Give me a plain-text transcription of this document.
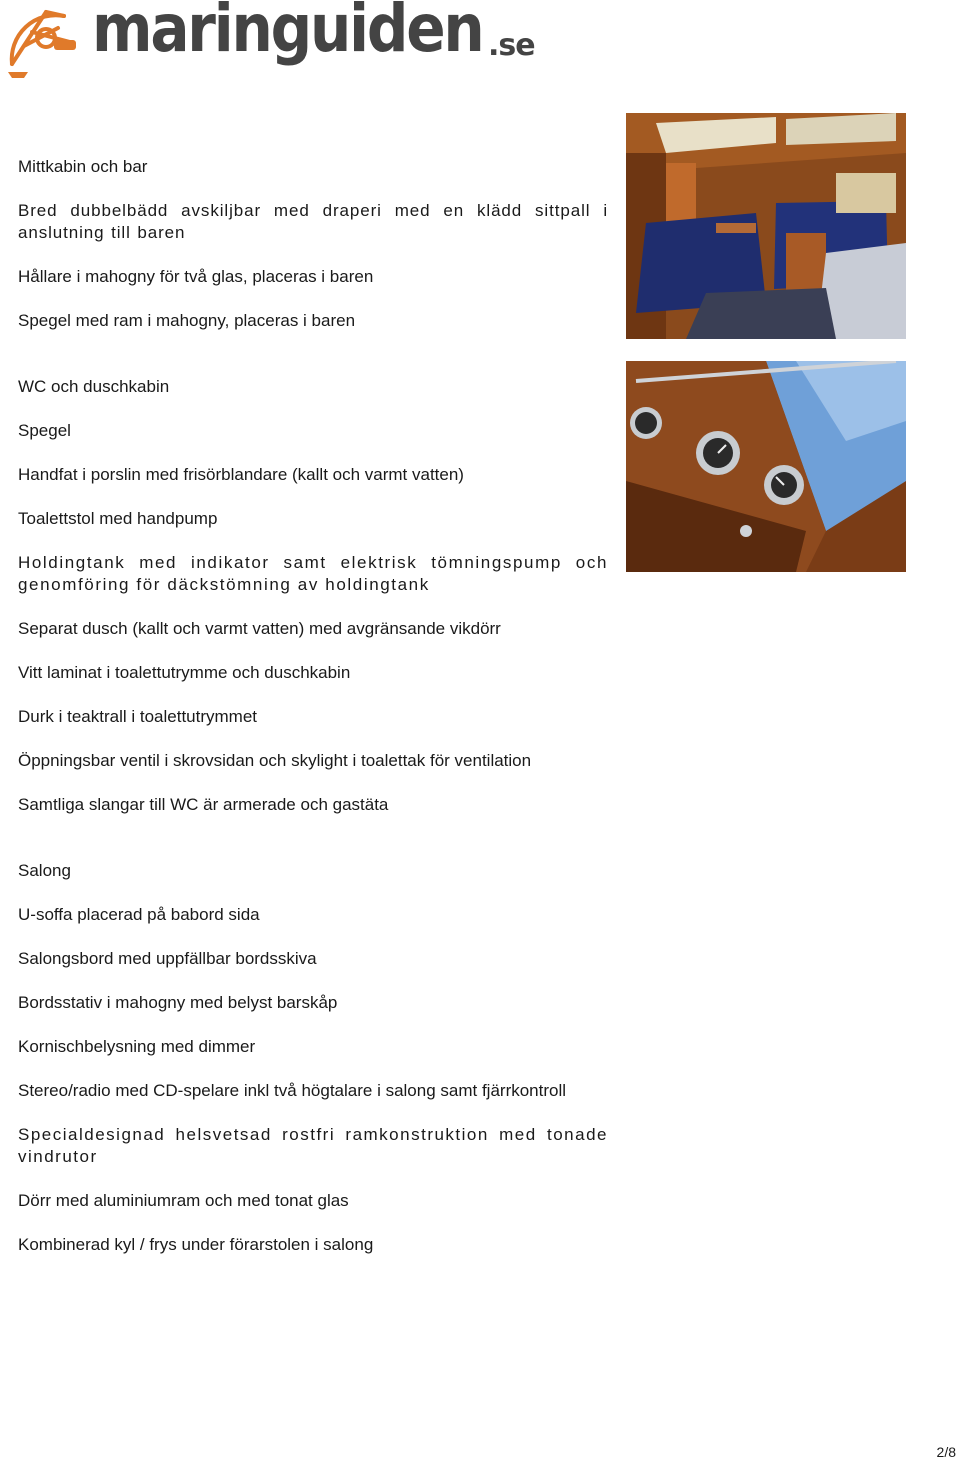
maringuiden .se

Mittkabin och bar

Bred dubbelbädd avskiljbar med draperi med en klädd sittpall i anslutning till baren

Hållare i mahogny för två glas, placeras i baren

Spegel med ram i mahogny, placeras i baren

WC och duschkabin

Spegel

Handfat i porslin med frisörblandare (kallt och varmt vatten)

Toalettstol med handpump

Holdingtank med indikator samt elektrisk tömningspump och genomföring för däckstömning av holdingtank

Separat dusch (kallt och varmt vatten) med avgränsande vikdörr

Vitt laminat i toalettutrymme och duschkabin

Durk i teaktrall i toalettutrymmet

Öppningsbar ventil i skrovsidan och skylight i toalettak för ventilation

Samtliga slangar till WC är armerade och gastäta

Salong

U-soffa placerad på babord sida

Salongsbord med uppfällbar bordsskiva

Bordsstativ i mahogny med belyst barskåp

Kornischbelysning med dimmer

Stereo/radio med CD-spelare inkl två högtalare i salong samt fjärrkontroll

Specialdesignad helsvetsad rostfri ramkonstruktion med tonade vindrutor

Dörr med aluminiumram och med tonat glas

Kombinerad kyl / frys under förarstolen i salong

2/8
